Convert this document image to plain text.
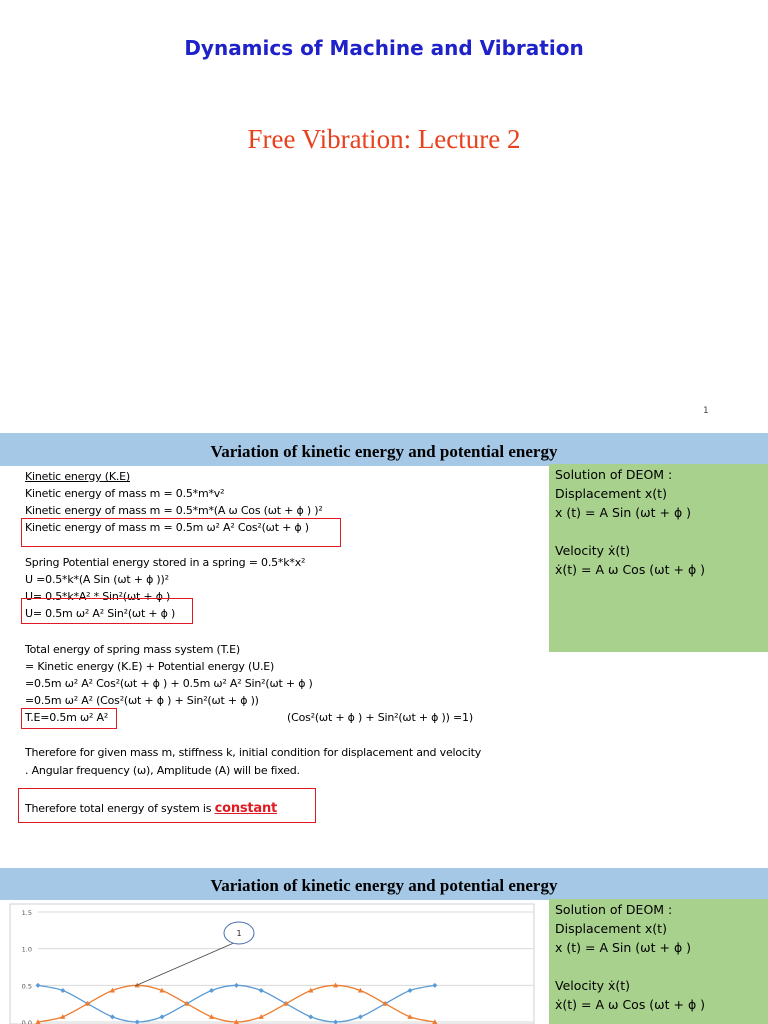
Dynamics of Machine and Vibration
Free Vibration: Lecture 2
1
Variation of kinetic energy and potential energy
Kinetic energy (K.E)
Kinetic energy of mass m = 0.5*m*v²
Kinetic energy of mass m = 0.5*m*(A ω Cos (ωt + ϕ ) )²
Kinetic energy of mass m = 0.5m ω² A² Cos²(ωt + ϕ )
Spring Potential energy stored in a spring = 0.5*k*x²
U =0.5*k*(A Sin (ωt + ϕ ))²
U= 0.5*k*A² * Sin²(ωt + ϕ )
U= 0.5m ω² A² Sin²(ωt + ϕ )
Total energy of spring mass system (T.E)
= Kinetic energy (K.E) + Potential energy (U.E)
=0.5m ω² A² Cos²(ωt + ϕ ) + 0.5m ω² A² Sin²(ωt + ϕ )
=0.5m ω² A² (Cos²(ωt + ϕ ) + Sin²(ωt + ϕ ))
T.E=0.5m ω² A²	(Cos²(ωt + ϕ ) + Sin²(ωt + ϕ )) =1)
Therefore for given mass m, stiffness k, initial condition for displacement and velocity
. Angular frequency (ω), Amplitude (A) will be fixed.
Therefore total energy of system is constant
Solution of DEOM :
Displacement x(t)
x (t) = A Sin (ωt + ϕ )
Velocity ẋ(t)
ẋ(t) = A ω Cos (ωt + ϕ )
Variation of kinetic energy and potential energy
1.5
1.0
0.5
0.0
1
Solution of DEOM :
Displacement x(t)
x (t) = A Sin (ωt + ϕ )
Velocity ẋ(t)
ẋ(t) = A ω Cos (ωt + ϕ )
